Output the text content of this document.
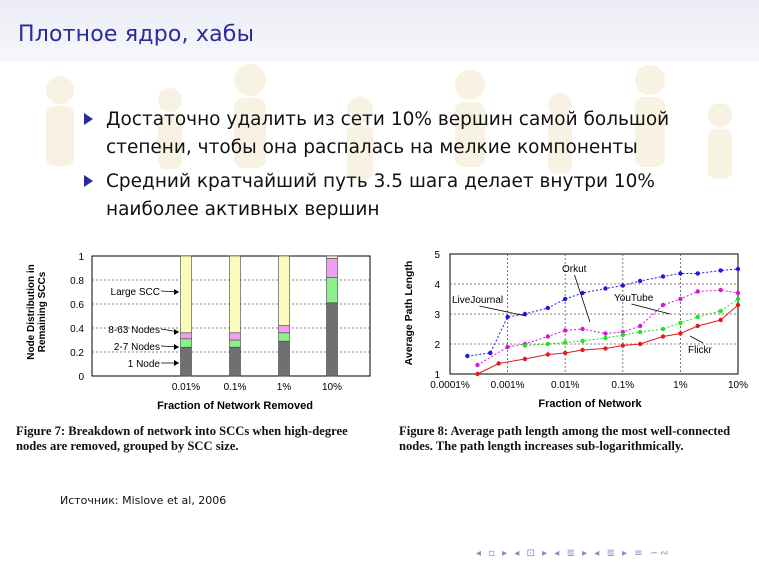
Плотное ядро, хабы
Достаточно удалить из сети 10% вершин самой большой степени, чтобы она распалась на мелкие компоненты
Средний кратчайший путь 3.5 шага делает внутри 10% наиболее активных вершин
Node Distribution in Remaining SCCs
Fraction of Network Removed
0
0.2
0.4
0.6
0.8
1
0.01% 0.1%	1%	10%
Large SCC
8-63 Nodes
2-7 Nodes
1 Node	Average Path Length
Fraction of Network
1
2
3
4
5
0.0001% 0.001%	0.01%	0.1%	1%	10%
Orkut
LiveJournal	YouTube
Flickr
Figure 7: Breakdown of network into SCCs when high-degree nodes are removed, grouped by SCC size.
Figure 8: Average path length among the most well-connected nodes. The path length increases sub-logarithmically.
Источник: Mislove et al, 2006
◂ ▫ ▸ ◂ ⊡ ▸ ◂ ≣ ▸ ◂ ≣ ▸ ≡ ∽∾
